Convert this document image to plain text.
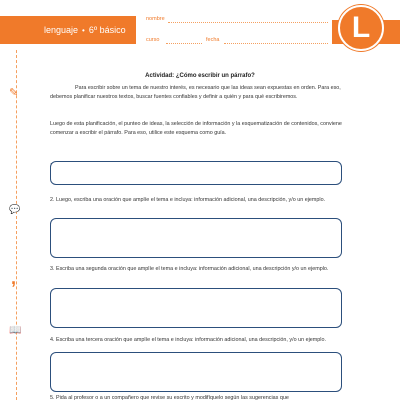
lenguaje • 6º básico
nombre
curso	fecha	L
✎
💬
,
📖
Actividad: ¿Cómo escribir un párrafo?

Para escribir sobre un tema de nuestro interés, es necesario que las ideas sean expuestas en orden. Para eso, debemos planificar nuestros textos, buscar fuentes confiables y definir a quién y para qué escribiremos.

Luego de esta planificación, el punteo de ideas, la selección de información y la esquematización de contenidos, conviene comenzar a escribir el párrafo. Para eso, utilice este esquema como guía.

2. Luego, escriba una oración que amplíe el tema e incluya: información adicional, una descripción, y/o un ejemplo.
3. Escriba una segunda oración que amplíe el tema e incluya: información adicional, una descripción y/o un ejemplo.
4. Escriba una tercera oración que amplíe el tema e incluya: información adicional, una descripción, y/o un ejemplo.
5. Pida al profesor o a un compañero que revise su escrito y modifíquelo según las sugerencias que
